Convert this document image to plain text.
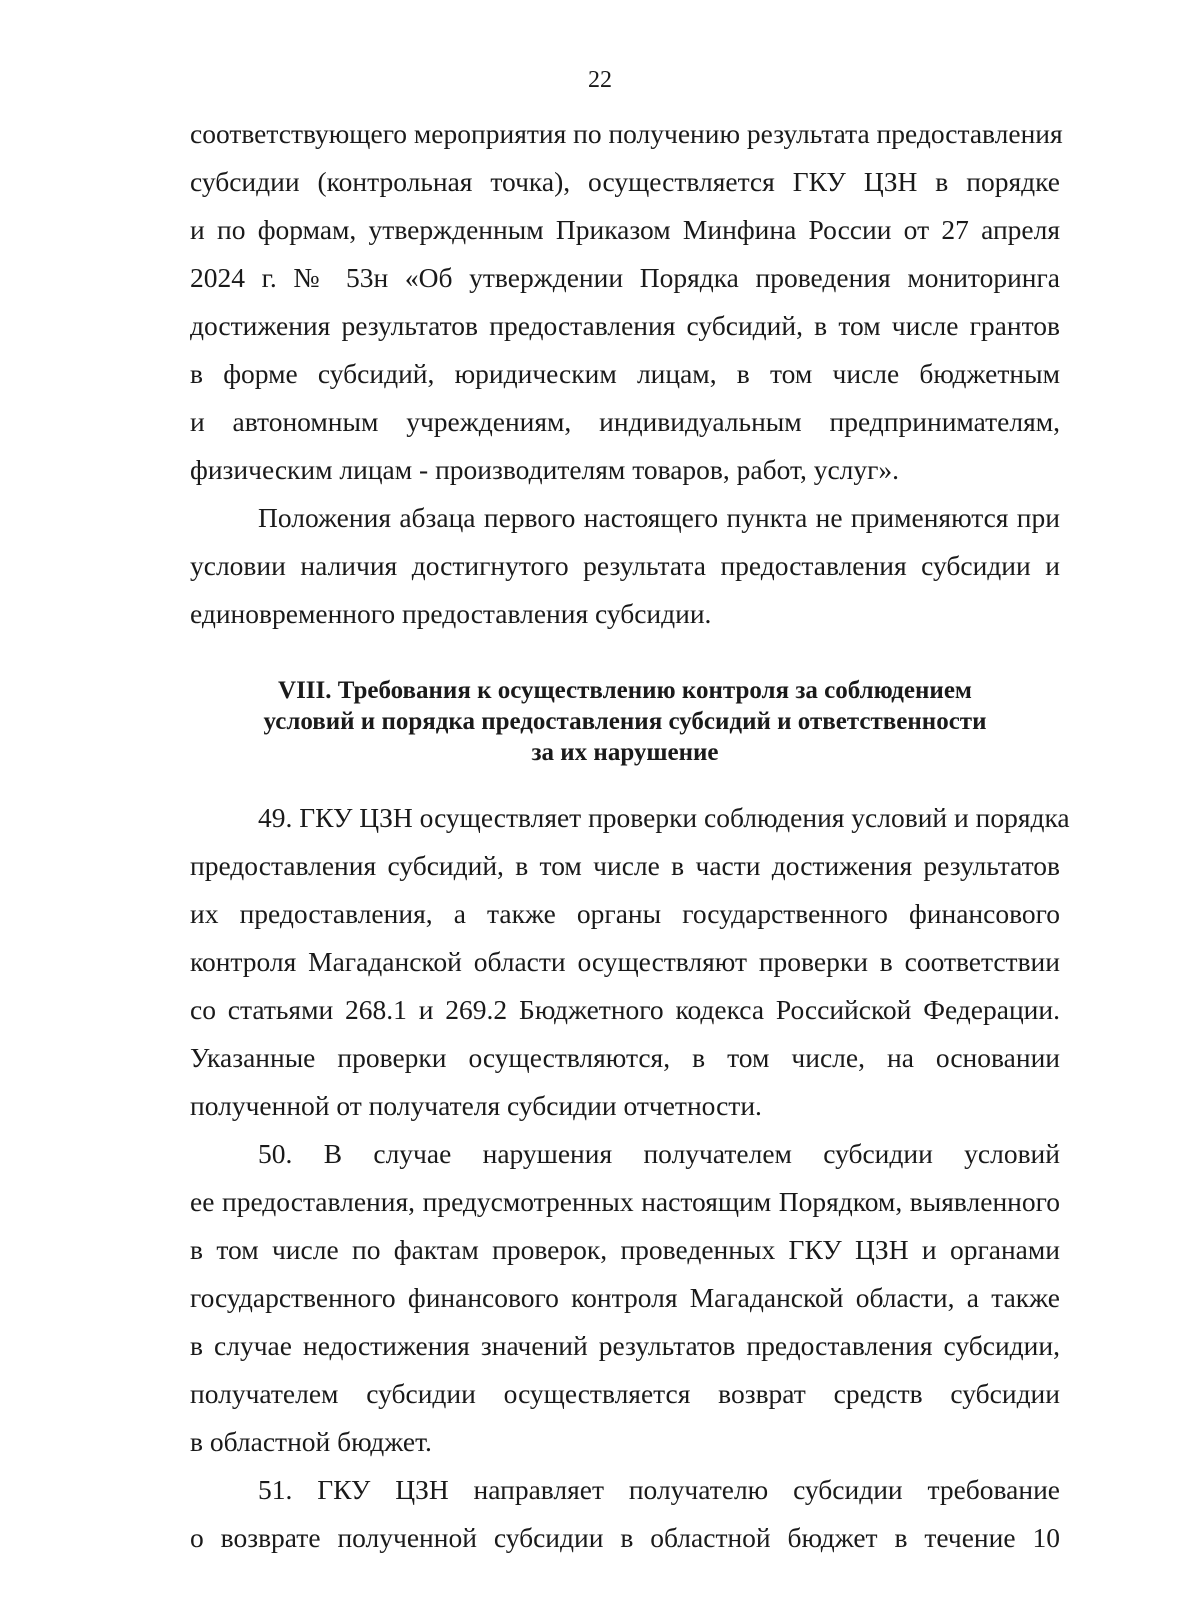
22
соответствующего мероприятия по получению результата предоставления
субсидии (контрольная точка), осуществляется ГКУ ЦЗН в порядке
и по формам, утвержденным Приказом Минфина России от 27 апреля
2024 г. № 53н «Об утверждении Порядка проведения мониторинга
достижения результатов предоставления субсидий, в том числе грантов
в форме субсидий, юридическим лицам, в том числе бюджетным
и автономным учреждениям, индивидуальным предпринимателям,
физическим лицам - производителям товаров, работ, услуг».
Положения абзаца первого настоящего пункта не применяются при
условии наличия достигнутого результата предоставления субсидии и
единовременного предоставления субсидии.
VIII. Требования к осуществлению контроля за соблюдением
условий и порядка предоставления субсидий и ответственности
за их нарушение
49. ГКУ ЦЗН осуществляет проверки соблюдения условий и порядка
предоставления субсидий, в том числе в части достижения результатов
их предоставления, а также органы государственного финансового
контроля Магаданской области осуществляют проверки в соответствии
со статьями 268.1 и 269.2 Бюджетного кодекса Российской Федерации.
Указанные проверки осуществляются, в том числе, на основании
полученной от получателя субсидии отчетности.
50. В случае нарушения получателем субсидии условий
ее предоставления, предусмотренных настоящим Порядком, выявленного
в том числе по фактам проверок, проведенных ГКУ ЦЗН и органами
государственного финансового контроля Магаданской области, а также
в случае недостижения значений результатов предоставления субсидии,
получателем субсидии осуществляется возврат средств субсидии
в областной бюджет.
51. ГКУ ЦЗН направляет получателю субсидии требование
о возврате полученной субсидии в областной бюджет в течение 10
